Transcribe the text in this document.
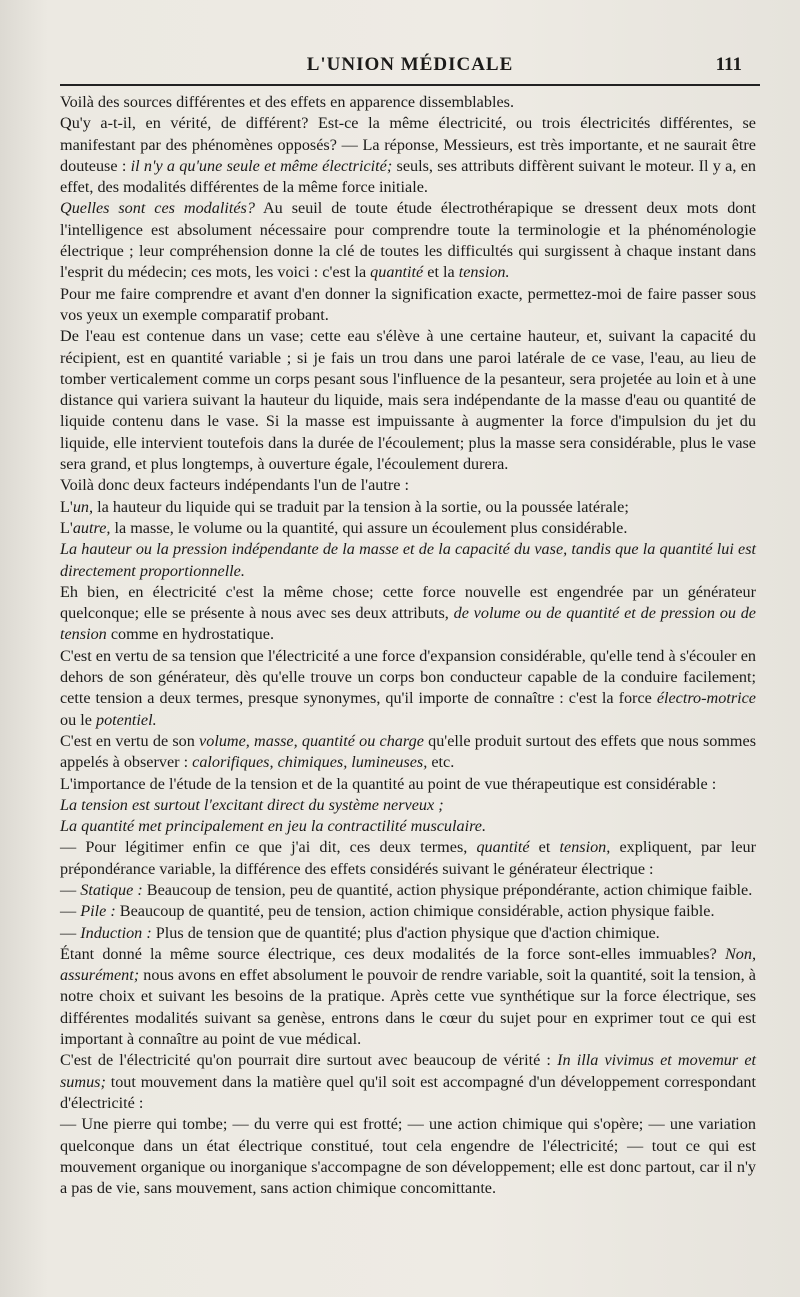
L'UNION MÉDICALE	111

Voilà des sources différentes et des effets en apparence dissemblables.

Qu'y a-t-il, en vérité, de différent? Est-ce la même électricité, ou trois électricités différentes, se manifestant par des phénomènes opposés? — La réponse, Messieurs, est très importante, et ne saurait être douteuse : il n'y a qu'une seule et même électricité; seuls, ses attributs diffèrent suivant le moteur. Il y a, en effet, des modalités différentes de la même force initiale.

Quelles sont ces modalités? Au seuil de toute étude électrothérapique se dressent deux mots dont l'intelligence est absolument nécessaire pour comprendre toute la terminologie et la phénoménologie électrique ; leur compréhension donne la clé de toutes les difficultés qui surgissent à chaque instant dans l'esprit du médecin; ces mots, les voici : c'est la quantité et la tension.

Pour me faire comprendre et avant d'en donner la signification exacte, permettez-moi de faire passer sous vos yeux un exemple comparatif probant.

De l'eau est contenue dans un vase; cette eau s'élève à une certaine hauteur, et, suivant la capacité du récipient, est en quantité variable ; si je fais un trou dans une paroi latérale de ce vase, l'eau, au lieu de tomber verticalement comme un corps pesant sous l'influence de la pesanteur, sera projetée au loin et à une distance qui variera suivant la hauteur du liquide, mais sera indépendante de la masse d'eau ou quantité de liquide contenu dans le vase. Si la masse est impuissante à augmenter la force d'impulsion du jet du liquide, elle intervient toutefois dans la durée de l'écoulement; plus la masse sera considérable, plus le vase sera grand, et plus longtemps, à ouverture égale, l'écoulement durera.

Voilà donc deux facteurs indépendants l'un de l'autre :

L'un, la hauteur du liquide qui se traduit par la tension à la sortie, ou la poussée latérale;

L'autre, la masse, le volume ou la quantité, qui assure un écoulement plus considérable.

La hauteur ou la pression indépendante de la masse et de la capacité du vase, tandis que la quantité lui est directement proportionnelle.

Eh bien, en électricité c'est la même chose; cette force nouvelle est engendrée par un générateur quelconque; elle se présente à nous avec ses deux attributs, de volume ou de quantité et de pression ou de tension comme en hydrostatique.

C'est en vertu de sa tension que l'électricité a une force d'expansion considérable, qu'elle tend à s'écouler en dehors de son générateur, dès qu'elle trouve un corps bon conducteur capable de la conduire facilement; cette tension a deux termes, presque synonymes, qu'il importe de connaître : c'est la force électro-motrice ou le potentiel.

C'est en vertu de son volume, masse, quantité ou charge qu'elle produit surtout des effets que nous sommes appelés à observer : calorifiques, chimiques, lumineuses, etc.

L'importance de l'étude de la tension et de la quantité au point de vue thérapeutique est considérable :

La tension est surtout l'excitant direct du système nerveux ;

La quantité met principalement en jeu la contractilité musculaire.

— Pour légitimer enfin ce que j'ai dit, ces deux termes, quantité et tension, expliquent, par leur prépondérance variable, la différence des effets considérés suivant le générateur électrique :

— Statique : Beaucoup de tension, peu de quantité, action physique prépondérante, action chimique faible.

— Pile : Beaucoup de quantité, peu de tension, action chimique considérable, action physique faible.

— Induction : Plus de tension que de quantité; plus d'action physique que d'action chimique.

Étant donné la même source électrique, ces deux modalités de la force sont-elles immuables? Non, assurément; nous avons en effet absolument le pouvoir de rendre variable, soit la quantité, soit la tension, à notre choix et suivant les besoins de la pratique. Après cette vue synthétique sur la force électrique, ses différentes modalités suivant sa genèse, entrons dans le cœur du sujet pour en exprimer tout ce qui est important à connaître au point de vue médical.

C'est de l'électricité qu'on pourrait dire surtout avec beaucoup de vérité : In illa vivimus et movemur et sumus; tout mouvement dans la matière quel qu'il soit est accompagné d'un développement correspondant d'électricité :

— Une pierre qui tombe; — du verre qui est frotté; — une action chimique qui s'opère; — une variation quelconque dans un état électrique constitué, tout cela engendre de l'électricité; — tout ce qui est mouvement organique ou inorganique s'accompagne de son développement; elle est donc partout, car il n'y a pas de vie, sans mouvement, sans action chimique concomittante.
